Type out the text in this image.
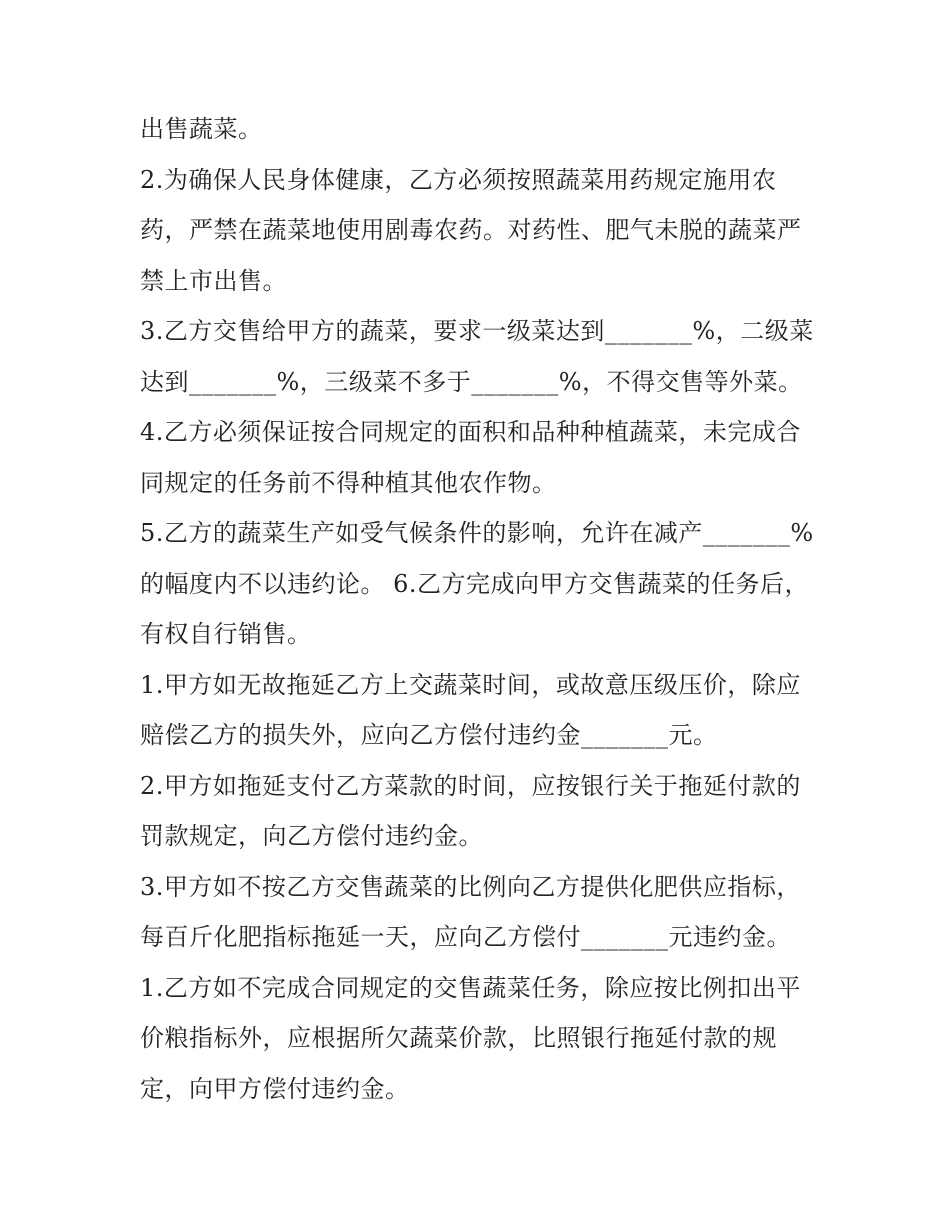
出售蔬菜。
2.为确保人民身体健康，乙方必须按照蔬菜用药规定施用农
药，严禁在蔬菜地使用剧毒农药。对药性、肥气未脱的蔬菜严
禁上市出售。
3.乙方交售给甲方的蔬菜，要求一级菜达到_______%，二级菜
达到_______%，三级菜不多于_______%，不得交售等外菜。
4.乙方必须保证按合同规定的面积和品种种植蔬菜，未完成合
同规定的任务前不得种植其他农作物。
5.乙方的蔬菜生产如受气候条件的影响，允许在减产_______%
的幅度内不以违约论。 6.乙方完成向甲方交售蔬菜的任务后，
有权自行销售。
1.甲方如无故拖延乙方上交蔬菜时间，或故意压级压价，除应
赔偿乙方的损失外，应向乙方偿付违约金_______元。
2.甲方如拖延支付乙方菜款的时间，应按银行关于拖延付款的
罚款规定，向乙方偿付违约金。
3.甲方如不按乙方交售蔬菜的比例向乙方提供化肥供应指标，
每百斤化肥指标拖延一天，应向乙方偿付_______元违约金。
1.乙方如不完成合同规定的交售蔬菜任务，除应按比例扣出平
价粮指标外，应根据所欠蔬菜价款，比照银行拖延付款的规
定，向甲方偿付违约金。
